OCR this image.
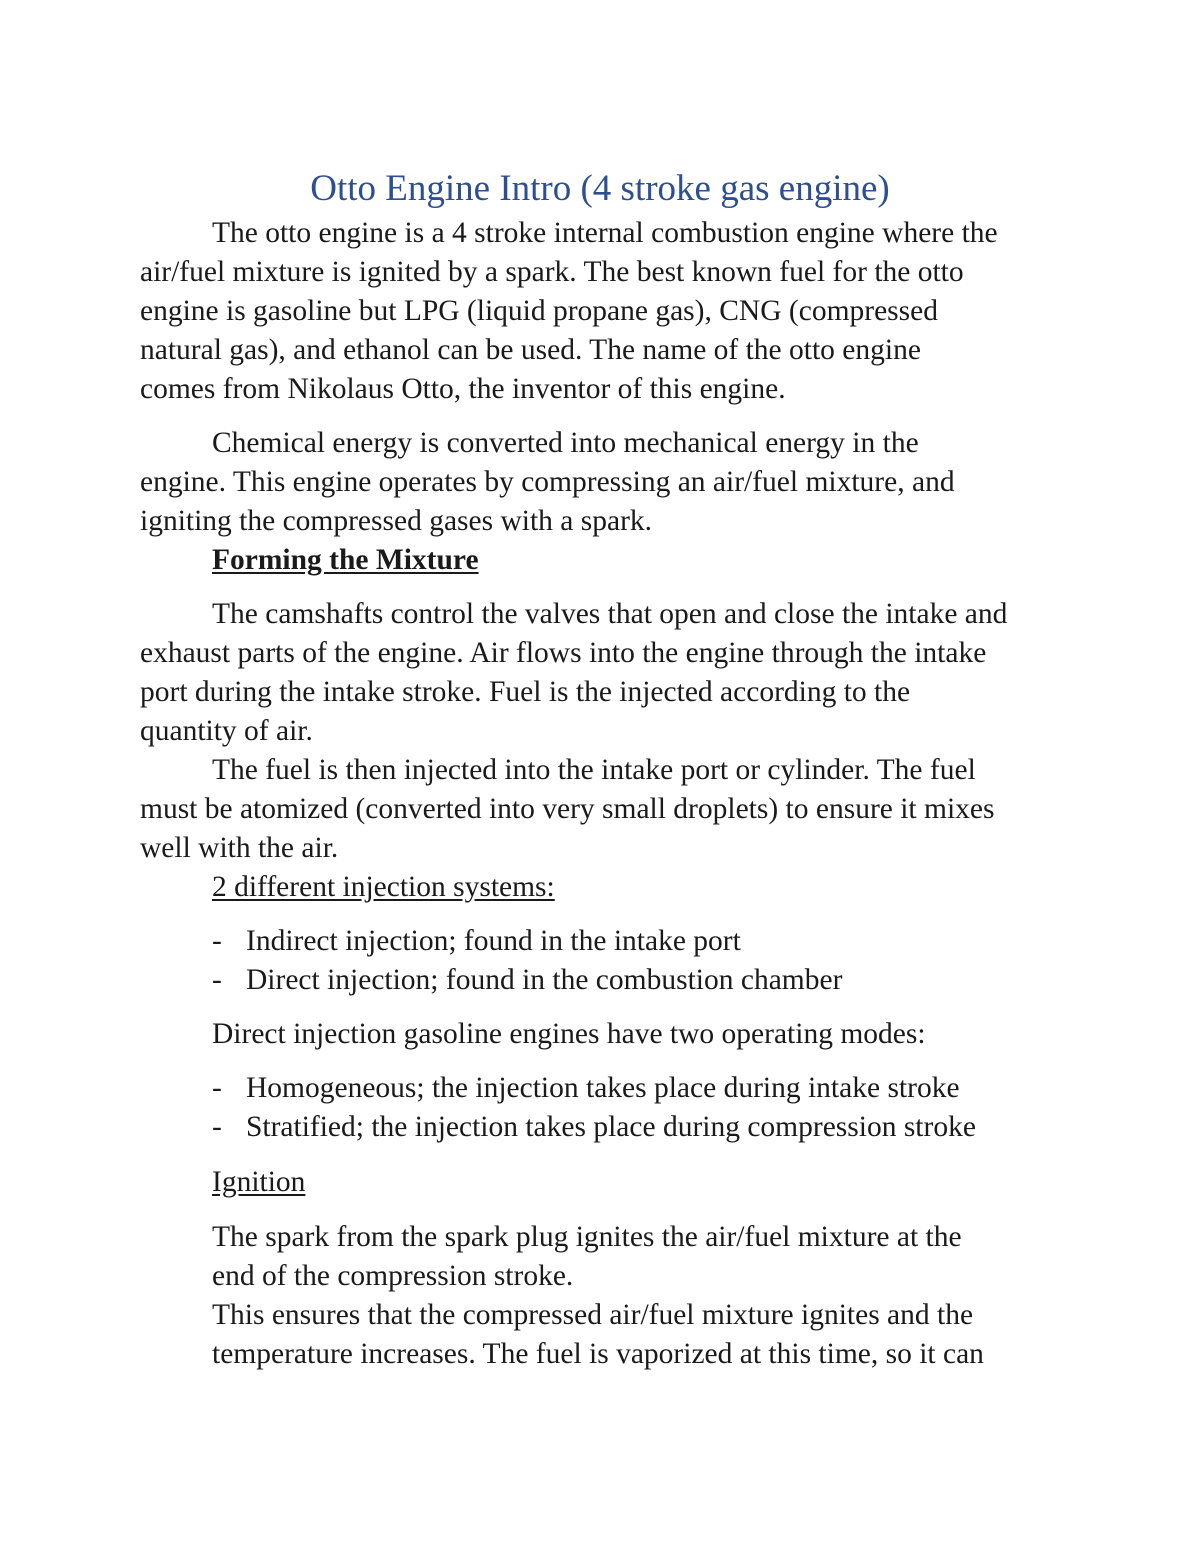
Otto Engine Intro (4 stroke gas engine)

The otto engine is a 4 stroke internal combustion engine where the

air/fuel mixture is ignited by a spark. The best known fuel for the otto

engine is gasoline but LPG (liquid propane gas), CNG (compressed

natural gas), and ethanol can be used. The name of the otto engine

comes from Nikolaus Otto, the inventor of this engine.

Chemical energy is converted into mechanical energy in the

engine. This engine operates by compressing an air/fuel mixture, and

igniting the compressed gases with a spark.

Forming the Mixture

The camshafts control the valves that open and close the intake and

exhaust parts of the engine. Air flows into the engine through the intake

port during the intake stroke. Fuel is the injected according to the

quantity of air.

The fuel is then injected into the intake port or cylinder. The fuel

must be atomized (converted into very small droplets) to ensure it mixes

well with the air.

2 different injection systems:

- Indirect injection; found in the intake port
- Direct injection; found in the combustion chamber

Direct injection gasoline engines have two operating modes:

- Homogeneous; the injection takes place during intake stroke
- Stratified; the injection takes place during compression stroke

Ignition

The spark from the spark plug ignites the air/fuel mixture at the

end of the compression stroke.

This ensures that the compressed air/fuel mixture ignites and the

temperature increases. The fuel is vaporized at this time, so it can
